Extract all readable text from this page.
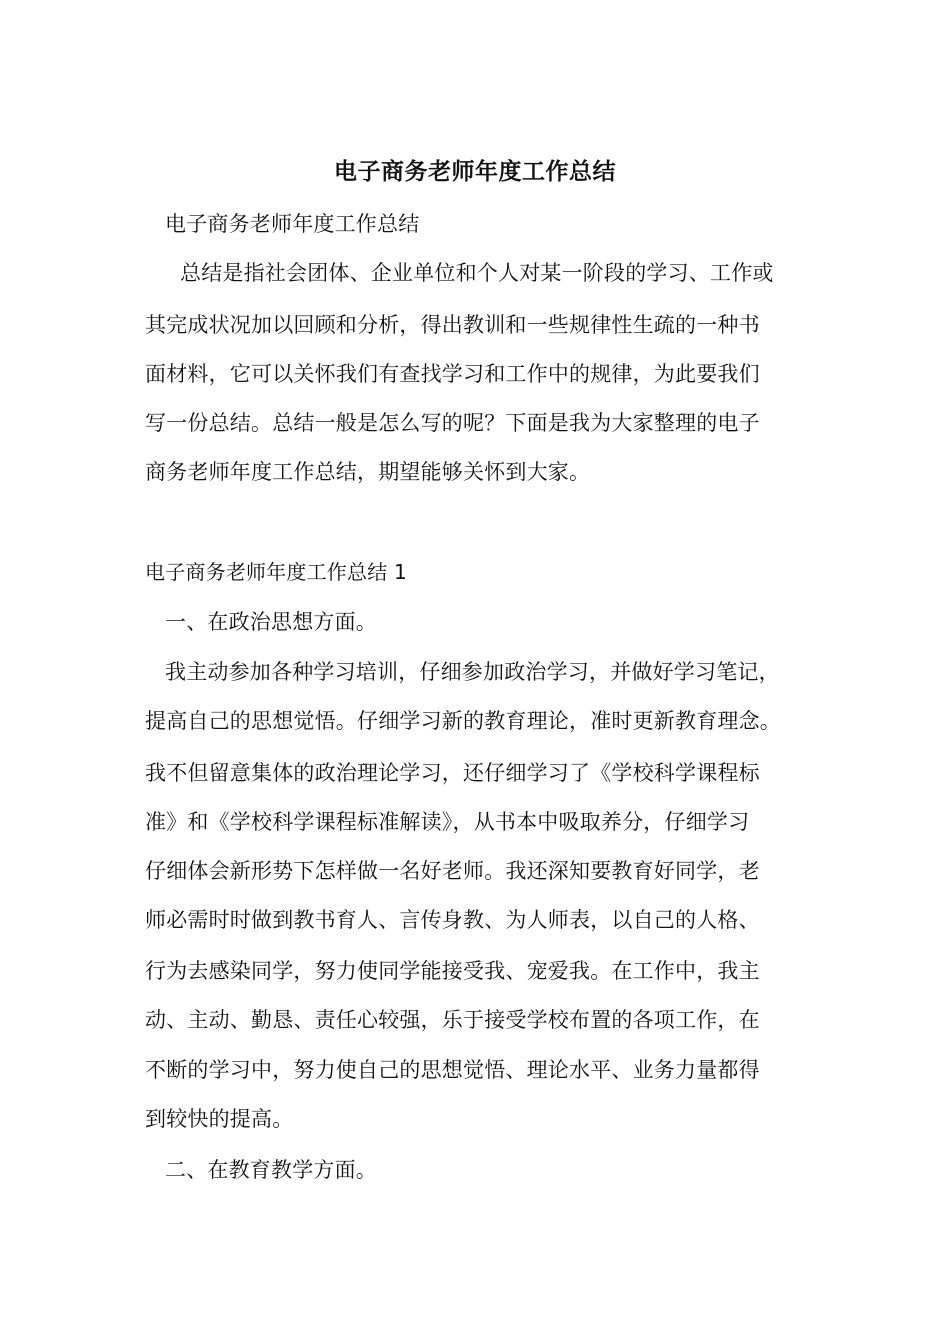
电子商务老师年度工作总结
电子商务老师年度工作总结
总结是指社会团体、企业单位和个人对某一阶段的学习、工作或
其完成状况加以回顾和分析，得出教训和一些规律性生疏的一种书
面材料，它可以关怀我们有查找学习和工作中的规律，为此要我们
写一份总结。总结一般是怎么写的呢？下面是我为大家整理的电子
商务老师年度工作总结，期望能够关怀到大家。
电子商务老师年度工作总结 1
一、在政治思想方面。
我主动参加各种学习培训，仔细参加政治学习，并做好学习笔记，
提高自己的思想觉悟。仔细学习新的教育理论，准时更新教育理念。
我不但留意集体的政治理论学习，还仔细学习了《学校科学课程标
准》和《学校科学课程标准解读》，从书本中吸取养分，仔细学习
仔细体会新形势下怎样做一名好老师。我还深知要教育好同学，老
师必需时时做到教书育人、言传身教、为人师表，以自己的人格、
行为去感染同学，努力使同学能接受我、宠爱我。在工作中，我主
动、主动、勤恳、责任心较强，乐于接受学校布置的各项工作，在
不断的学习中，努力使自己的思想觉悟、理论水平、业务力量都得
到较快的提高。
二、在教育教学方面。
